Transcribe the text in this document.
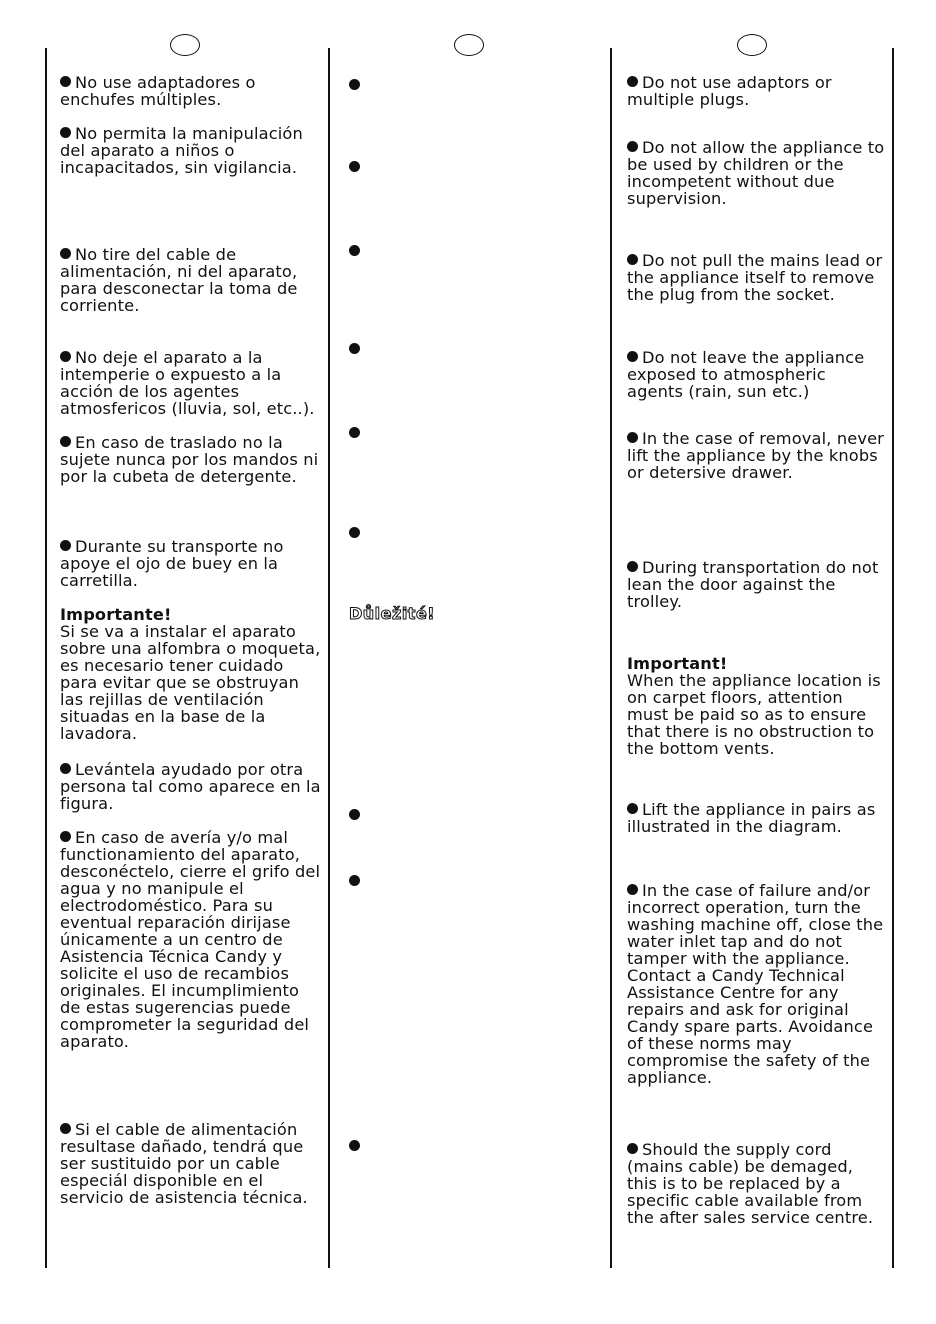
No use adaptadores o enchufes múltiples.
No permita la manipulación del aparato a niños o incapacitados, sin vigilancia.
No tire del cable de alimentación, ni del aparato, para desconectar la toma de corriente.
No deje el aparato a la intemperie o expuesto a la acción de los agentes atmosfericos (lluvia, sol, etc..).
En caso de traslado no la sujete nunca por los mandos ni por la cubeta de detergente.
Durante su transporte no apoye el ojo de buey en la carretilla.
Importante!
Si se va a instalar el aparato sobre una alfombra o moqueta, es necesario tener cuidado para evitar que se obstruyan las rejillas de ventilación situadas en la base de la lavadora.
Levántela ayudado por otra persona tal como aparece en la figura.
En caso de avería y/o mal functionamiento del aparato, desconéctelo, cierre el grifo del agua y no manipule el electrodoméstico. Para su eventual reparación dirijase únicamente a un centro de Asistencia Técnica Candy y solicite el uso de recambios originales. El incumplimiento de estas sugerencias puede comprometer la seguridad del aparato.
Si el cable de alimentación resultase dañado, tendrá que ser sustituido por un cable especiál disponible en el servicio de asistencia técnica.
Důležité!
Do not use adaptors or multiple plugs.
Do not allow the appliance to be used by children or the incompetent without due supervision.
Do not pull the mains lead or the appliance itself to remove the plug from the socket.
Do not leave the appliance exposed to atmospheric agents (rain, sun etc.)
In the case of removal, never lift the appliance by the knobs or detersive drawer.
During transportation do not lean the door against the trolley.
Important!
When the appliance location is on carpet floors, attention must be paid so as to ensure that there is no obstruction to the bottom vents.
Lift the appliance in pairs as illustrated in the diagram.
In the case of failure and/or incorrect operation, turn the washing machine off, close the water inlet tap and do not tamper with the appliance. Contact a Candy Technical Assistance Centre for any repairs and ask for original Candy spare parts. Avoidance of these norms may compromise the safety of the appliance.
Should the supply cord (mains cable) be demaged, this is to be replaced by a specific cable available from the after sales service centre.
